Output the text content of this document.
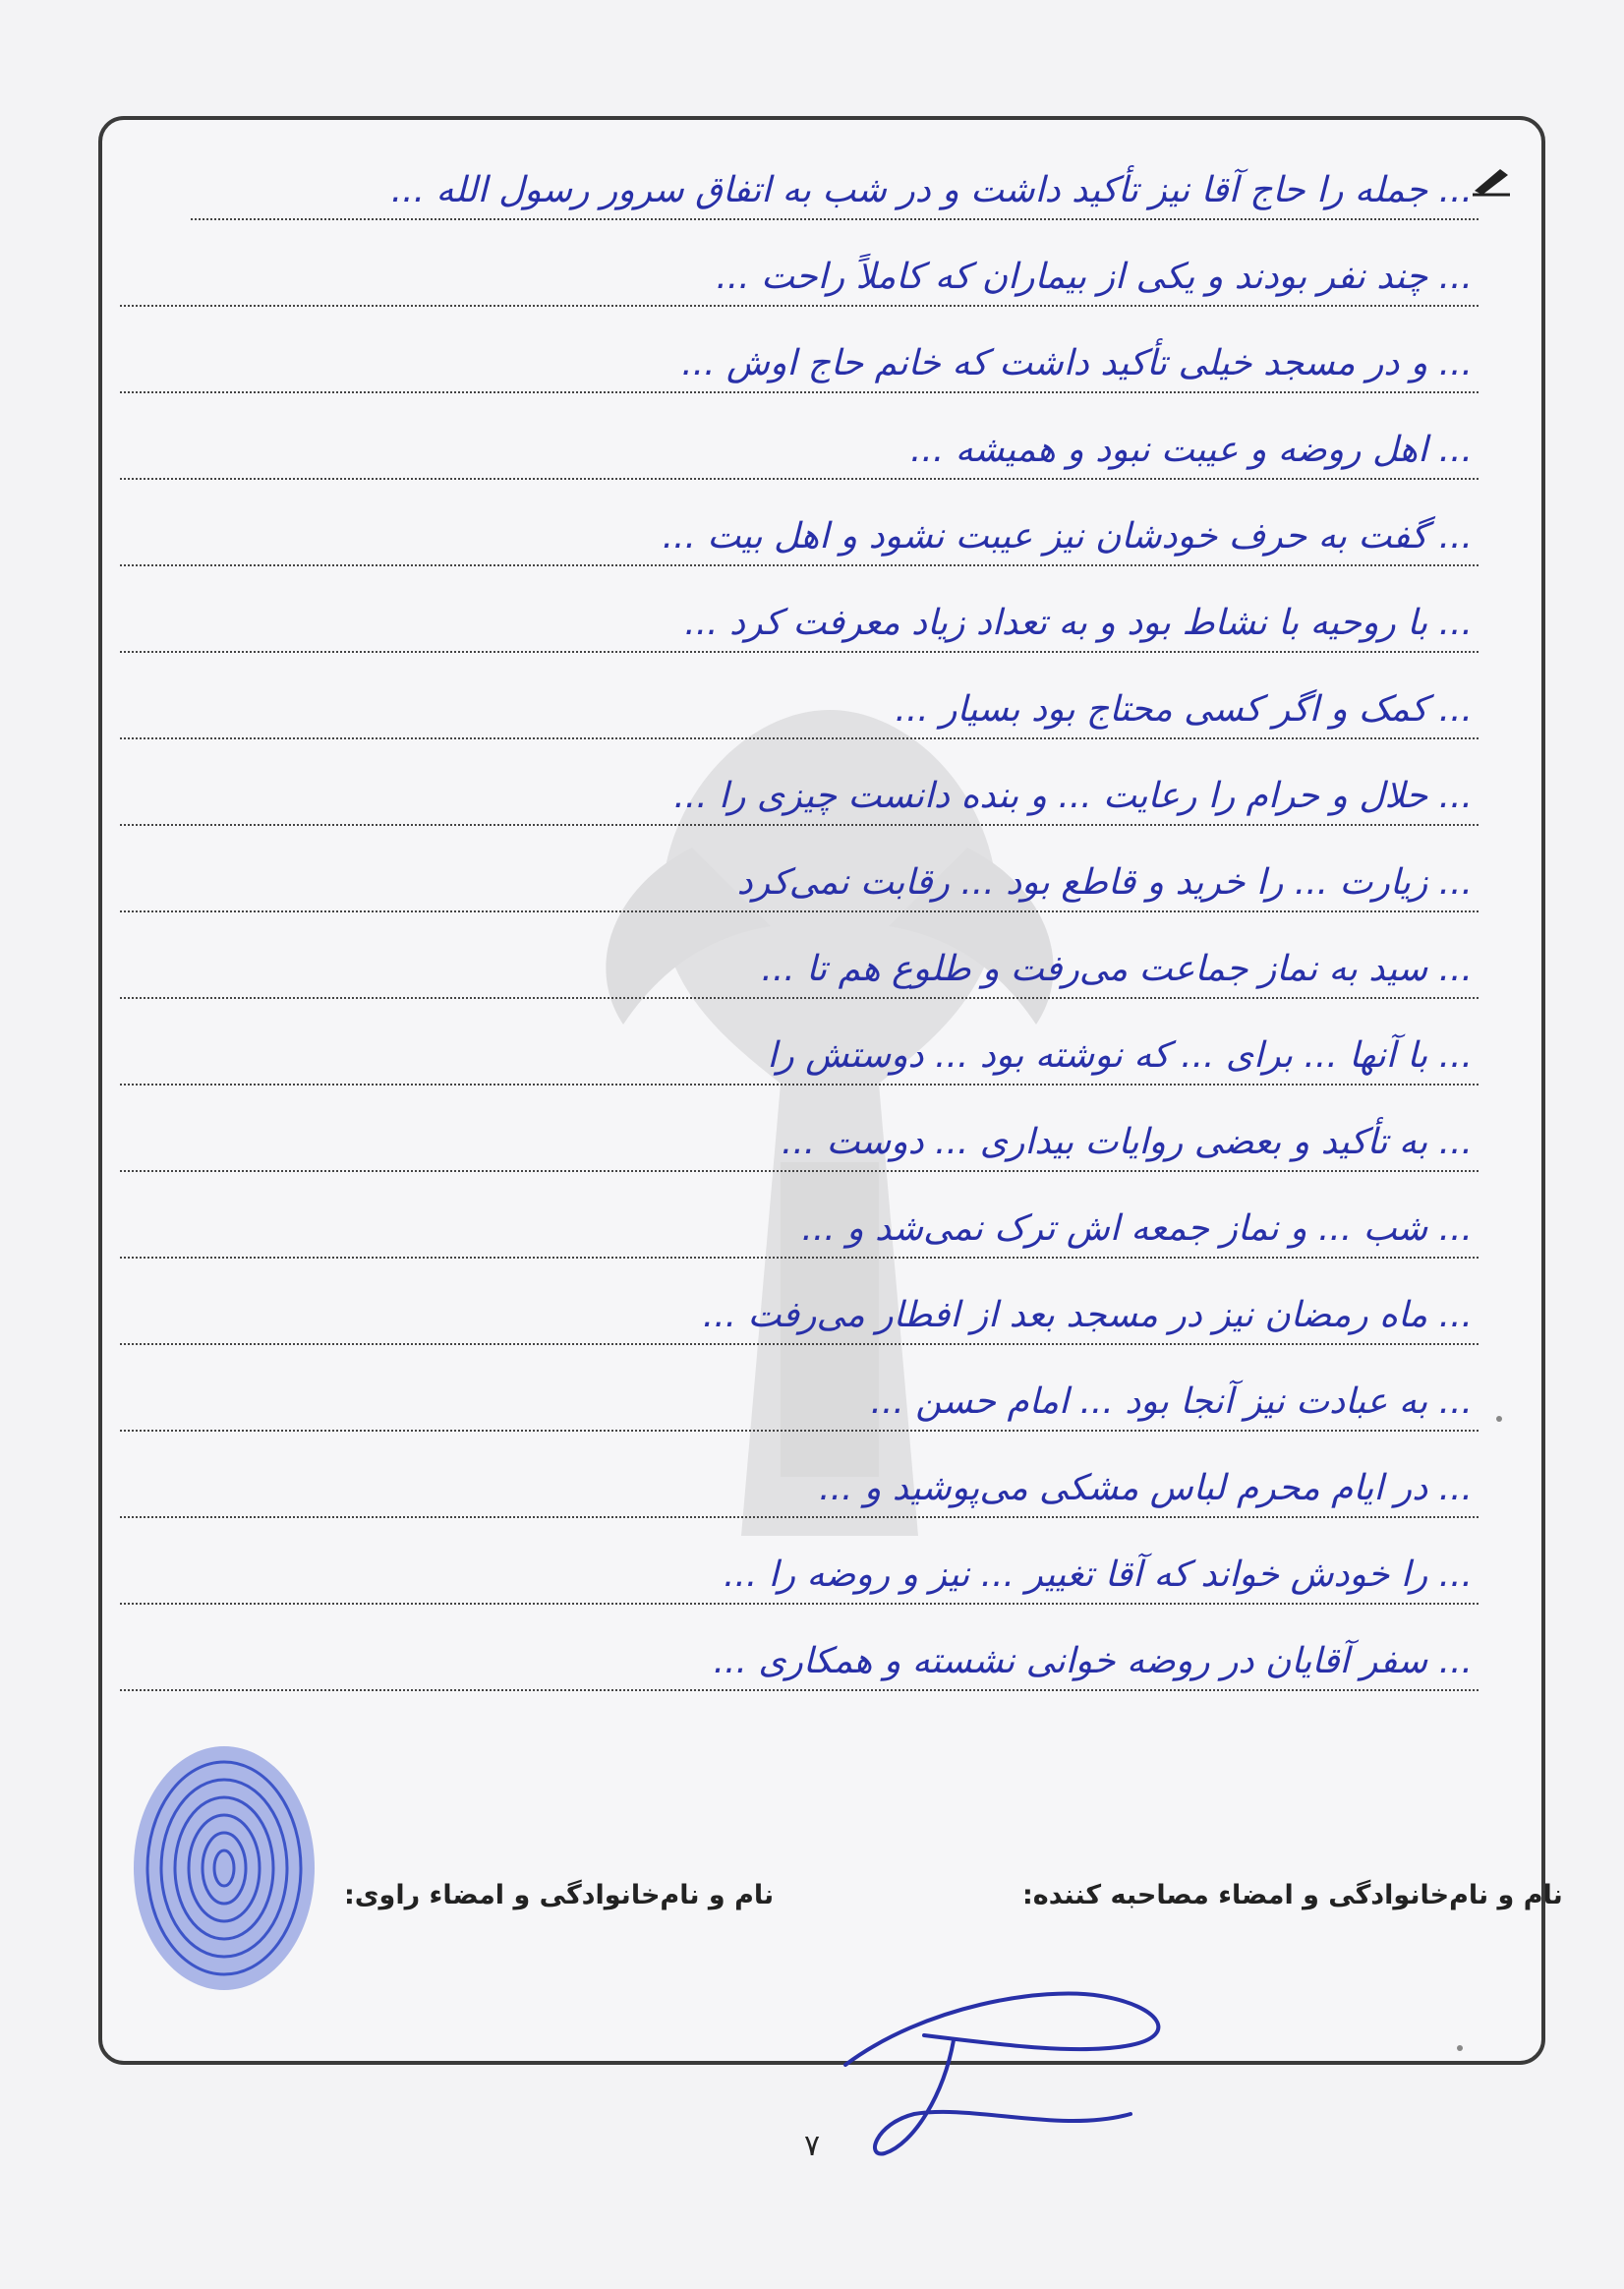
... جمله را حاج آقا نیز تأکید داشت و در شب به اتفاق سرور رسول الله ...
... چند نفر بودند و یکی از بیماران که کاملاً راحت ...
... و در مسجد خیلی تأکید داشت که خانم حاج اوش ...
... اهل روضه و عیبت نبود و همیشه ...
... گفت به حرف خودشان نیز عیبت نشود و اهل بیت ...
... با روحیه با نشاط بود و به تعداد زیاد معرفت کرد ...
... کمک و اگر کسی محتاج بود بسیار ...
... حلال و حرام را رعایت ... و بنده دانست چیزی را ...
... زیارت ... را خرید و قاطع بود ... رقابت نمی‌کرد
... سید به نماز جماعت می‌رفت و طلوع هم تا ...
... با آنها ... برای ... که نوشته بود ... دوستش را
... به تأکید و بعضی روایات بیداری ... دوست ...
... شب ... و نماز جمعه اش ترک نمی‌شد و ...
... ماه رمضان نیز در مسجد بعد از افطار می‌رفت ...
... به عبادت نیز آنجا بود ... امام حسن ...
... در ایام محرم لباس مشکی می‌پوشید و ...
... را خودش خواند که آقا تغییر ... نیز و روضه را ...
... سفر آقایان در روضه خوانی نشسته و همکاری ...
نام و نام‌خانوادگی و امضاء مصاحبه کننده:
نام و نام‌خانوادگی و امضاء راوی:
۷
